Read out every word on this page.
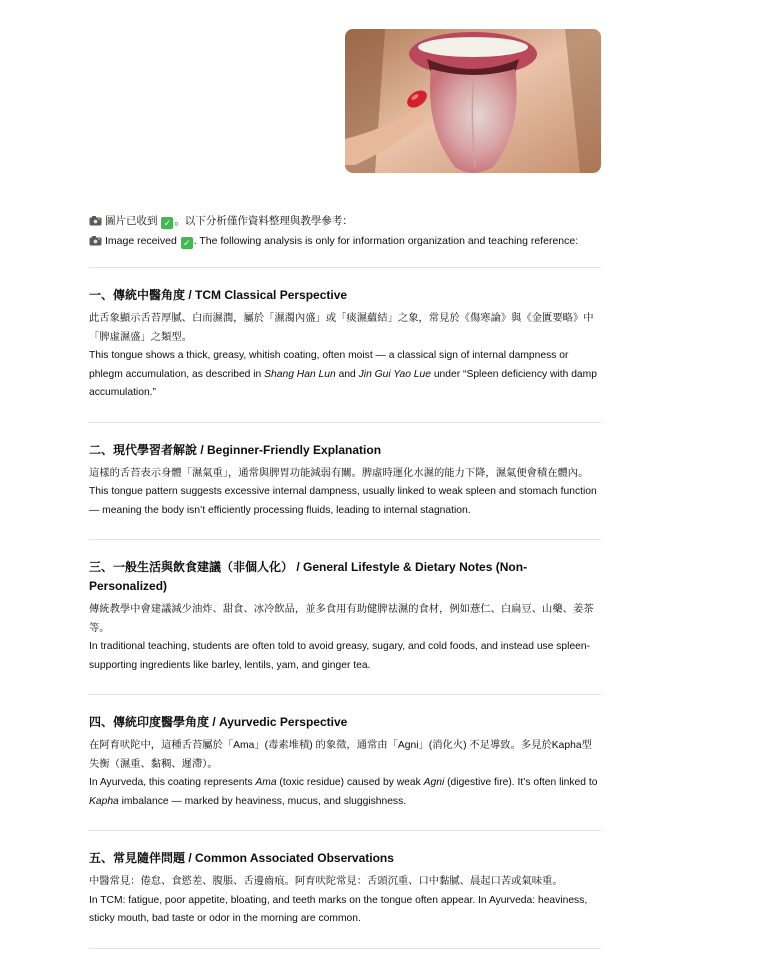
圖片已收到 ✓ 。以下分析僅作資料整理與教學參考：
Image received ✓ . The following analysis is only for information organization and teaching reference:
一、傳統中醫角度 / TCM Classical Perspective

此舌象顯示舌苔厚膩、白而濕潤，屬於「濕濁內盛」或「痰濕蘊結」之象，常見於《傷寒論》與《金匱要略》中「脾虛濕盛」之類型。

This tongue shows a thick, greasy, whitish coating, often moist — a classical sign of internal dampness or phlegm accumulation, as described in Shang Han Lun and Jin Gui Yao Lue under “Spleen deficiency with damp accumulation.”

二、現代學習者解說 / Beginner-Friendly Explanation

這樣的舌苔表示身體「濕氣重」，通常與脾胃功能減弱有關。脾虛時運化水濕的能力下降，濕氣便會積在體內。

This tongue pattern suggests excessive internal dampness, usually linked to weak spleen and stomach function — meaning the body isn’t efficiently processing fluids, leading to internal stagnation.

三、一般生活與飲食建議（非個人化） / General Lifestyle & Dietary Notes (Non-Personalized)

傳統教學中會建議減少油炸、甜食、冰冷飲品，並多食用有助健脾祛濕的食材，例如薏仁、白扁豆、山藥、姜茶等。

In traditional teaching, students are often told to avoid greasy, sugary, and cold foods, and instead use spleen-supporting ingredients like barley, lentils, yam, and ginger tea.

四、傳統印度醫學角度 / Ayurvedic Perspective

在阿育吠陀中，這種舌苔屬於「Ama」(毒素堆積) 的象徵，通常由「Agni」(消化火) 不足導致。多見於Kapha型失衡（濕重、黏稠、遲滯）。

In Ayurveda, this coating represents Ama (toxic residue) caused by weak Agni (digestive fire). It’s often linked to Kapha imbalance — marked by heaviness, mucus, and sluggishness.

五、常見隨伴問題 / Common Associated Observations

中醫常見：倦怠、食慾差、腹脹、舌邊齒痕。阿育吠陀常見：舌頭沉重、口中黏膩、晨起口苦或氣味重。

In TCM: fatigue, poor appetite, bloating, and teeth marks on the tongue often appear. In Ayurveda: heaviness, sticky mouth, bad taste or odor in the morning are common.
